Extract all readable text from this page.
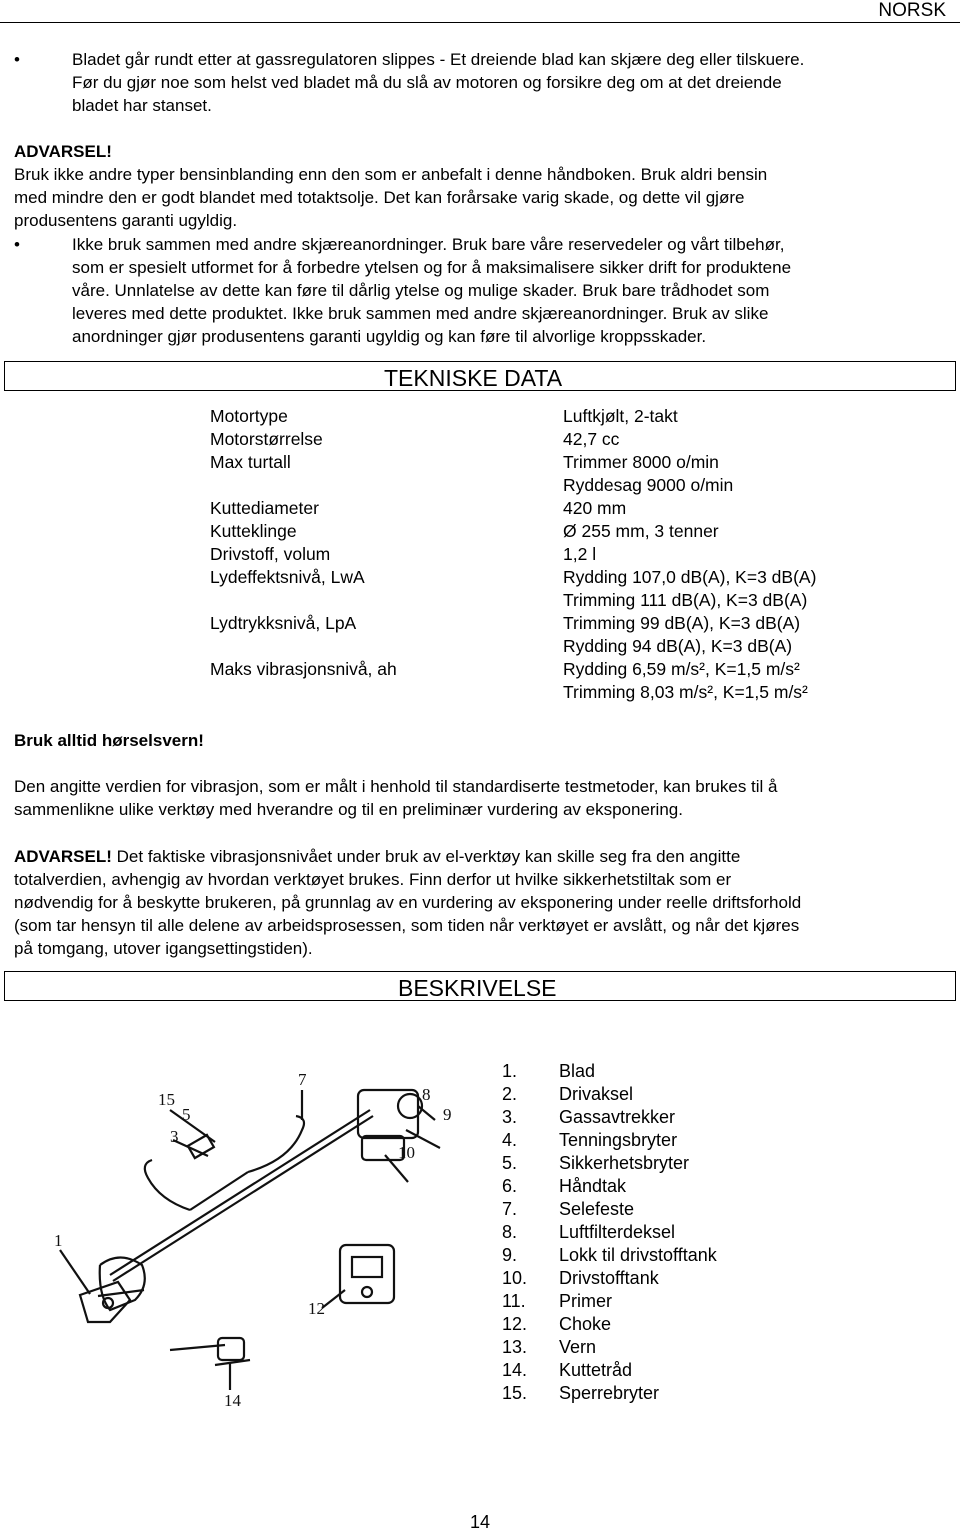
NORSK
•	Bladet går rundt etter at gassregulatoren slippes - Et dreiende blad kan skjære deg eller tilskuere.
Før du gjør noe som helst ved bladet må du slå av motoren og forsikre deg om at det dreiende
bladet har stanset.
ADVARSEL!
Bruk ikke andre typer bensinblanding enn den som er anbefalt i denne håndboken. Bruk aldri bensin
med mindre den er godt blandet med totaktsolje. Det kan forårsake varig skade, og dette vil gjøre
produsentens garanti ugyldig.
•	Ikke bruk sammen med andre skjæreanordninger. Bruk bare våre reservedeler og vårt tilbehør,
som er spesielt utformet for å forbedre ytelsen og for å maksimalisere sikker drift for produktene
våre. Unnlatelse av dette kan føre til dårlig ytelse og mulige skader. Bruk bare trådhodet som
leveres med dette produktet. Ikke bruk sammen med andre skjæreanordninger. Bruk av slike
anordninger gjør produsentens garanti ugyldig og kan føre til alvorlige kroppsskader.
TEKNISKE DATA
Motortype	Luftkjølt, 2-takt
Motorstørrelse	42,7 cc
Max turtall	Trimmer 8000 o/min
Ryddesag 9000 o/min
Kuttediameter	420 mm
Kutteklinge	Ø 255 mm, 3 tenner
Drivstoff, volum	1,2 l
Lydeffektsnivå, LwA	Rydding 107,0 dB(A), K=3 dB(A)
Trimming 111 dB(A), K=3 dB(A)
Lydtrykksnivå, LpA	Trimming 99 dB(A), K=3 dB(A)
Rydding 94 dB(A), K=3 dB(A)
Maks vibrasjonsnivå, ah	Rydding 6,59 m/s², K=1,5 m/s²
Trimming 8,03 m/s², K=1,5 m/s²
Bruk alltid hørselsvern!
Den angitte verdien for vibrasjon, som er målt i henhold til standardiserte testmetoder, kan brukes til å
sammenlikne ulike verktøy med hverandre og til en preliminær vurdering av eksponering.
ADVARSEL! Det faktiske vibrasjonsnivået under bruk av el-verktøy kan skille seg fra den angitte
totalverdien, avhengig av hvordan verktøyet brukes. Finn derfor ut hvilke sikkerhetstiltak som er
nødvendig for å beskytte brukeren, på grunnlag av en vurdering av eksponering under reelle driftsforhold
(som tar hensyn til alle delene av arbeidsprosessen, som tiden når verktøyet er avslått, og når det kjøres
på tomgang, utover igangsettingstiden).
BESKRIVELSE
15
5
3
7
8
9
10
1
12
14
1. Blad
2. Drivaksel
3. Gassavtrekker
4. Tenningsbryter
5. Sikkerhetsbryter
6. Håndtak
7. Selefeste
8. Luftfilterdeksel
9. Lokk til drivstofftank
10. Drivstofftank
11. Primer
12. Choke
13. Vern
14. Kuttetråd
15. Sperrebryter
14
